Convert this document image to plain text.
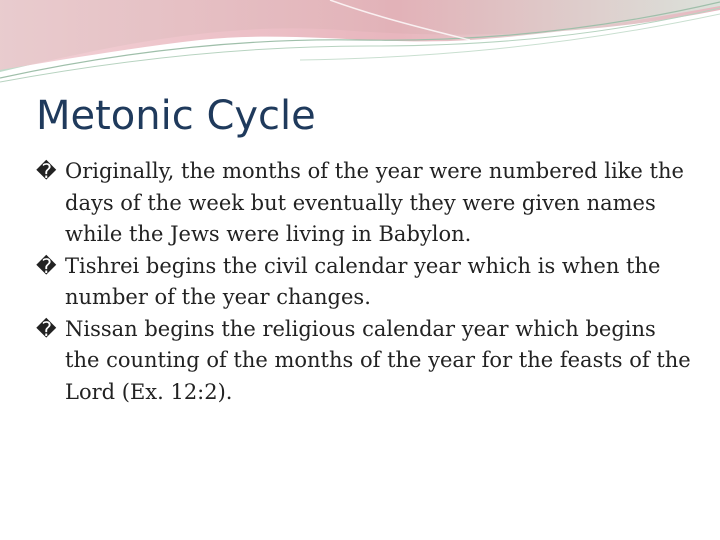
Metonic Cycle
� Originally, the months of the year were numbered like the days of the week but eventually they were given names while the Jews were living in Babylon.
� Tishrei begins the civil calendar year which is when the number of the year changes.
� Nissan begins the religious calendar year which begins the counting of the months of the year for the feasts of the Lord (Ex. 12:2).
